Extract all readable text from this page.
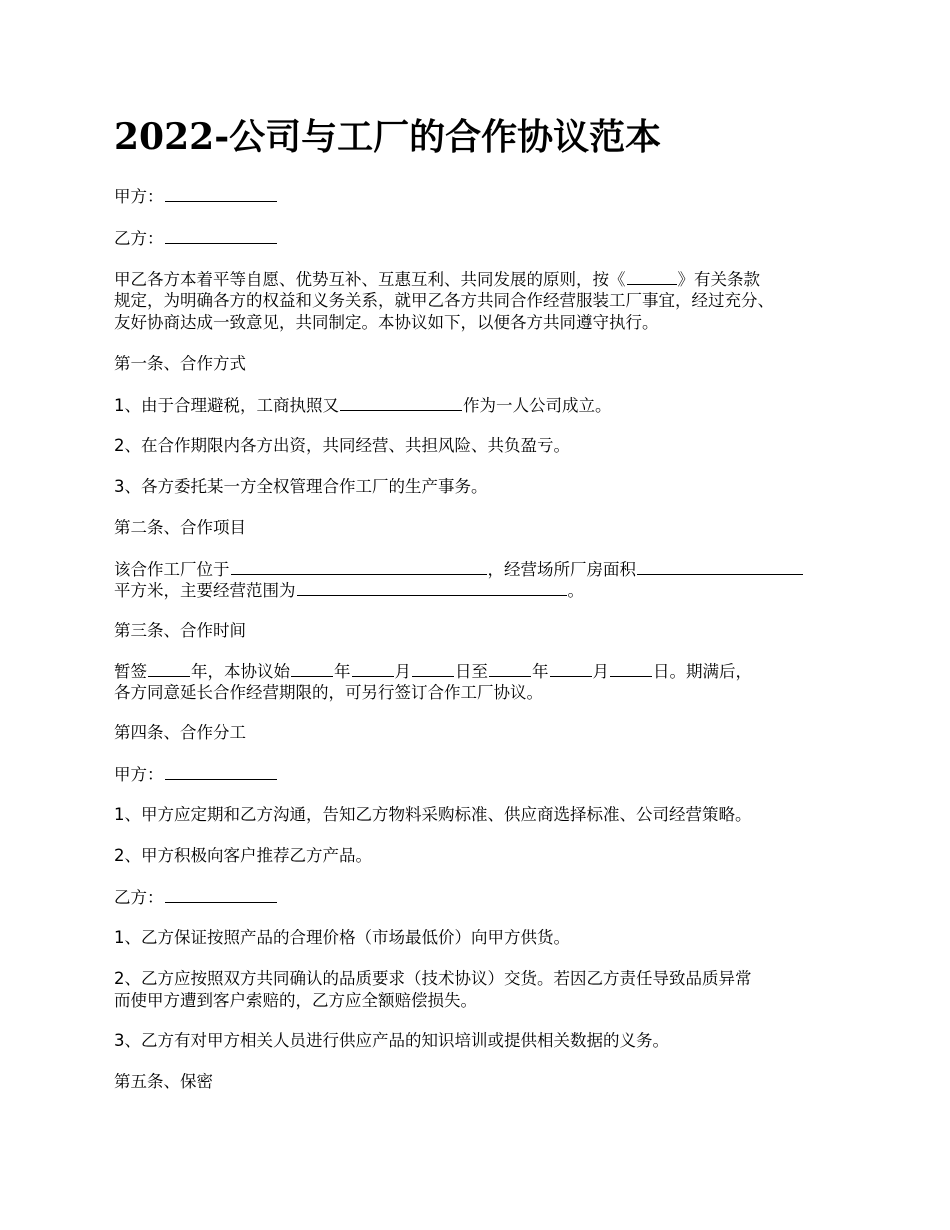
2022-公司与工厂的合作协议范本

甲方：

乙方：

甲乙各方本着平等自愿、优势互补、互惠互利、共同发展的原则，按《	》有关条款

规定，为明确各方的权益和义务关系，就甲乙各方共同合作经营服装工厂事宜，经过充分、

友好协商达成一致意见，共同制定。本协议如下，以便各方共同遵守执行。

第一条、合作方式

1、由于合理避税，工商执照又	作为一人公司成立。

2、在合作期限内各方出资，共同经营、共担风险、共负盈亏。

3、各方委托某一方全权管理合作工厂的生产事务。

第二条、合作项目

该合作工厂位于	，经营场所厂房面积

平方米，主要经营范围为	。

第三条、合作时间

暂签	年，本协议始	年	月	日至	年	月	日。期满后，

各方同意延长合作经营期限的，可另行签订合作工厂协议。

第四条、合作分工

甲方：

1、甲方应定期和乙方沟通，告知乙方物料采购标准、供应商选择标准、公司经营策略。

2、甲方积极向客户推荐乙方产品。

乙方：

1、乙方保证按照产品的合理价格（市场最低价）向甲方供货。

2、乙方应按照双方共同确认的品质要求（技术协议）交货。若因乙方责任导致品质异常

而使甲方遭到客户索赔的，乙方应全额赔偿损失。

3、乙方有对甲方相关人员进行供应产品的知识培训或提供相关数据的义务。

第五条、保密
